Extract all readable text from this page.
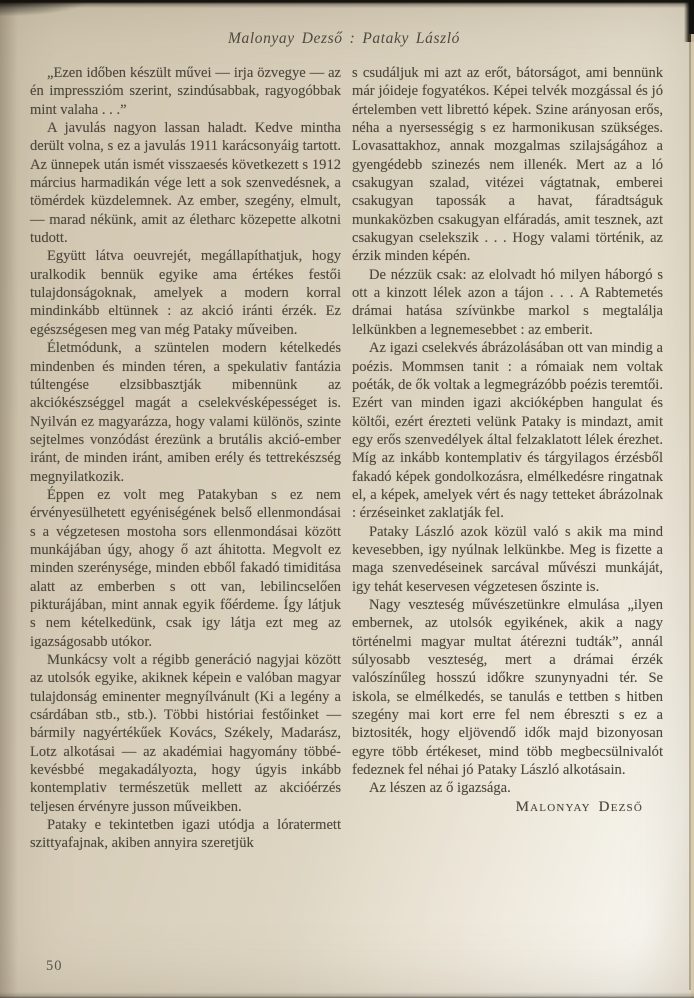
Malonyay Dezső : Pataky László

„Ezen időben készült művei — irja özvegye — az én impresszióm szerint, szindúsabbak, ragyogóbbak mint valaha . . .”

A javulás nagyon lassan haladt. Kedve mintha derült volna, s ez a javulás 1911 karácsonyáig tartott. Az ünnepek után ismét visszaesés következett s 1912 március harmadikán vége lett a sok szenvedésnek, a tömérdek küzdelemnek. Az ember, szegény, elmult, — marad nékünk, amit az életharc közepette alkotni tudott.

Együtt látva oeuvrejét, megállapíthatjuk, hogy uralkodik bennük egyike ama értékes festői tulajdonságoknak, amelyek a modern korral mindinkább eltünnek : az akció iránti érzék. Ez egészségesen meg van még Pataky műveiben.

Életmódunk, a szüntelen modern kételkedés mindenben és minden téren, a spekulativ fantázia túltengése elzsibbasztják mibennünk az akciókészséggel magát a cselekvésképességet is. Nyilván ez magyarázza, hogy valami különös, szinte sejtelmes vonzódást érezünk a brutális akció-ember iránt, de minden iránt, amiben erély és tettrekészség megnyilatkozik.

Éppen ez volt meg Patakyban s ez nem érvényesülhetett egyéniségének belső ellenmondásai s a végzetesen mostoha sors ellenmondásai között munkájában úgy, ahogy ő azt áhitotta. Megvolt ez minden szerénysége, minden ebből fakadó timiditása alatt az emberben s ott van, lebilincselően pikturájában, mint annak egyik főérdeme. Így látjuk s nem kételkedünk, csak igy látja ezt meg az igazságosabb utókor.

Munkácsy volt a régibb generáció nagyjai között az utolsók egyike, akiknek képein e valóban magyar tulajdonság eminenter megnyílvánult (Ki a legény a csárdában stb., stb.). Többi históriai festőinket — bármily nagyértékűek Kovács, Székely, Madarász, Lotz alkotásai — az akadémiai hagyomány többé-kevésbbé megakadályozta, hogy úgyis inkább kontemplativ természetük mellett az akcióérzés teljesen érvényre jusson műveikben.

Pataky e tekintetben igazi utódja a lóratermett szittyafajnak, akiben annyira szeretjük

s csudáljuk mi azt az erőt, bátorságot, ami bennünk már jóideje fogyatékos. Képei telvék mozgással és jó értelemben vett librettó képek. Szine arányosan erős, néha a nyersességig s ez harmonikusan szükséges. Lovasattakhoz, annak mozgalmas szilajságához a gyengédebb szinezés nem illenék. Mert az a ló csakugyan szalad, vitézei vágtatnak, emberei csakugyan tapossák a havat, fáradtságuk munkaközben csakugyan elfáradás, amit tesznek, azt csakugyan cselekszik . . . Hogy valami történik, az érzik minden képén.

De nézzük csak: az elolvadt hó milyen háborgó s ott a kinzott lélek azon a tájon . . . A Rabtemetés drámai hatása szívünkbe markol s megtalálja lelkünkben a legnemesebbet : az emberit.

Az igazi cselekvés ábrázolásában ott van mindig a poézis. Mommsen tanit : a rómaiak nem voltak poéták, de ők voltak a legmegrázóbb poézis teremtői. Ezért van minden igazi akcióképben hangulat és költői, ezért érezteti velünk Pataky is mindazt, amit egy erős szenvedélyek által felzaklatott lélek érezhet. Míg az inkább kontemplativ és tárgyilagos érzésből fakadó képek gondolkozásra, elmélkedésre ringatnak el, a képek, amelyek vért és nagy tetteket ábrázolnak : érzéseinket zaklatják fel.

Pataky László azok közül való s akik ma mind kevesebben, igy nyúlnak lelkünkbe. Meg is fizette a maga szenvedéseinek sarcával művészi munkáját, igy tehát keservesen végzetesen őszinte is.

Nagy veszteség művészetünkre elmulása „ilyen embernek, az utolsók egyikének, akik a nagy történelmi magyar multat átérezni tudták”, annál súlyosabb veszteség, mert a drámai érzék valószínűleg hosszú időkre szunynyadni tér. Se iskola, se elmélkedés, se tanulás e tettben s hitben szegény mai kort erre fel nem ébreszti s ez a biztositék, hogy eljövendő idők majd bizonyosan egyre több értékeset, mind több megbecsülnivalót fedeznek fel néhai jó Pataky László alkotásain.

Az lészen az ő igazsága.

Malonyay Dezső
50
